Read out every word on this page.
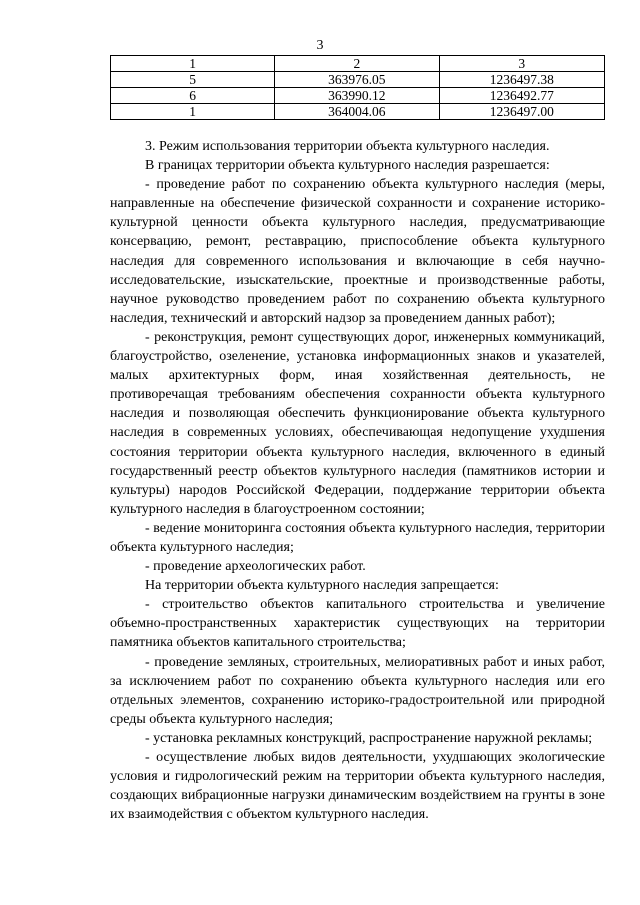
3
1	2	3
5	363976.05	1236497.38
6	363990.12	1236492.77
1	364004.06	1236497.00

3. Режим использования территории объекта культурного наследия.

В границах территории объекта культурного наследия разрешается:

- проведение работ по сохранению объекта культурного наследия (меры, направленные на обеспечение физической сохранности и сохранение историко-культурной ценности объекта культурного наследия, предусматривающие консервацию, ремонт, реставрацию, приспособление объекта культурного наследия для современного использования и включающие в себя научно-исследовательские, изыскательские, проектные и производственные работы, научное руководство проведением работ по сохранению объекта культурного наследия, технический и авторский надзор за проведением данных работ);

- реконструкция, ремонт существующих дорог, инженерных коммуникаций, благоустройство, озеленение, установка информационных знаков и указателей, малых архитектурных форм, иная хозяйственная деятельность, не противоречащая требованиям обеспечения сохранности объекта культурного наследия и позволяющая обеспечить функционирование объекта культурного наследия в современных условиях, обеспечивающая недопущение ухудшения состояния территории объекта культурного наследия, включенного в единый государственный реестр объектов культурного наследия (памятников истории и культуры) народов Российской Федерации, поддержание территории объекта культурного наследия в благоустроенном состоянии;

- ведение мониторинга состояния объекта культурного наследия, территории объекта культурного наследия;

- проведение археологических работ.

На территории объекта культурного наследия запрещается:

- строительство объектов капитального строительства и увеличение объемно-пространственных характеристик существующих на территории памятника объектов капитального строительства;

- проведение земляных, строительных, мелиоративных работ и иных работ, за исключением работ по сохранению объекта культурного наследия или его отдельных элементов, сохранению историко-градостроительной или природной среды объекта культурного наследия;

- установка рекламных конструкций, распространение наружной рекламы;

- осуществление любых видов деятельности, ухудшающих экологические условия и гидрологический режим на территории объекта культурного наследия, создающих вибрационные нагрузки динамическим воздействием на грунты в зоне их взаимодействия с объектом культурного наследия.
